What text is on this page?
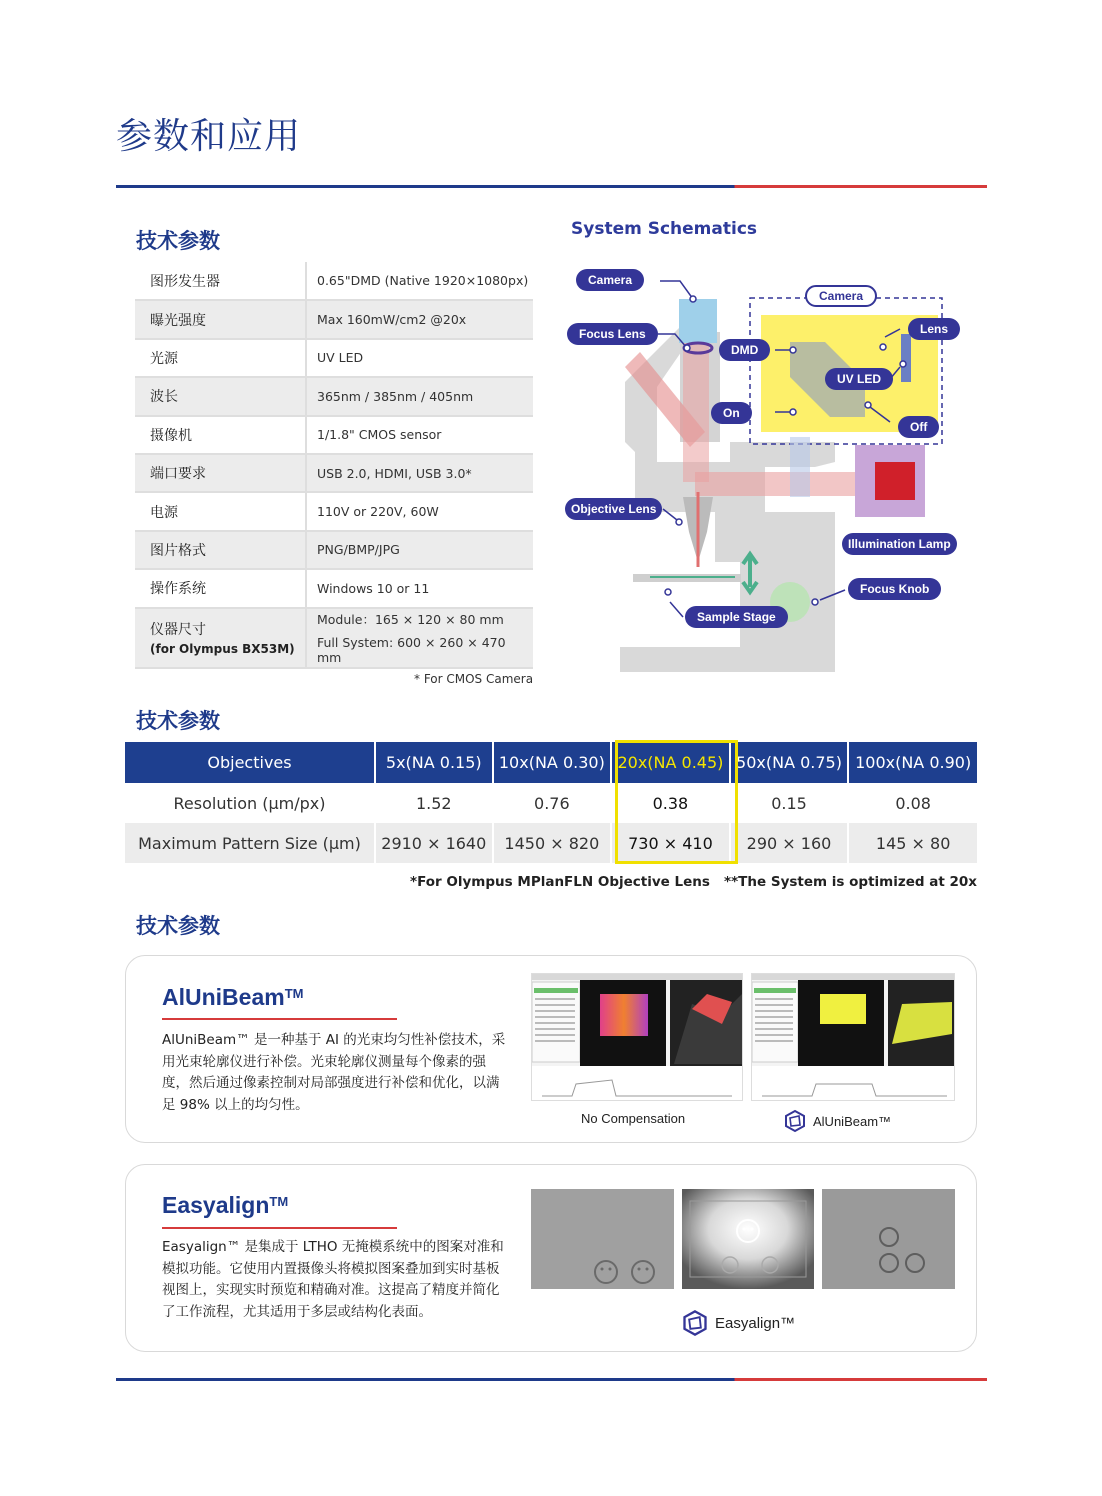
参数和应用
技术参数
图形发生器	0.65"DMD (Native 1920×1080px)
曝光强度	Max 160mW/cm2 @20x
光源	UV LED
波长	365nm / 385nm / 405nm
摄像机	1/1.8" CMOS sensor
端口要求	USB 2.0, HDMI, USB 3.0*
电源	110V or 220V, 60W
图片格式	PNG/BMP/JPG
操作系统	Windows 10 or 11
仪器尺寸
(for Olympus BX53M)	Module：165 × 120 × 80 mm
Full System: 600 × 260 × 470 mm
* For CMOS Camera
System Schematics
Camera
Camera
Focus Lens	Lens
DMD
UV LED
On
Off
Objective Lens
Illumination Lamp
Focus Knob
Sample Stage
技术参数
Objectives	5x(NA 0.15)	10x(NA 0.30)	20x(NA 0.45)	50x(NA 0.75)	100x(NA 0.90)
Resolution (μm/px)	1.52	0.76	0.38	0.15	0.08
Maximum Pattern Size (μm)	2910 × 1640	1450 × 820	730 × 410	290 × 160	145 × 80
*For Olympus MPlanFLN Objective Lens   **The System is optimized at 20x
技术参数
AlUniBeam™
AlUniBeam™ 是一种基于 AI 的光束均匀性补偿技术，采用光束轮廓仪进行补偿。光束轮廓仪测量每个像素的强度，然后通过像素控制对局部强度进行补偿和优化，以满足 98% 以上的均匀性。
No Compensation	AlUniBeam™
Easyalign™
Easyalign™ 是集成于 LTHO 无掩模系统中的图案对准和模拟功能。它使用内置摄像头将模拟图案叠加到实时基板视图上，实现实时预览和精确对准。这提高了精度并简化了工作流程，尤其适用于多层或结构化表面。
Easyalign™
